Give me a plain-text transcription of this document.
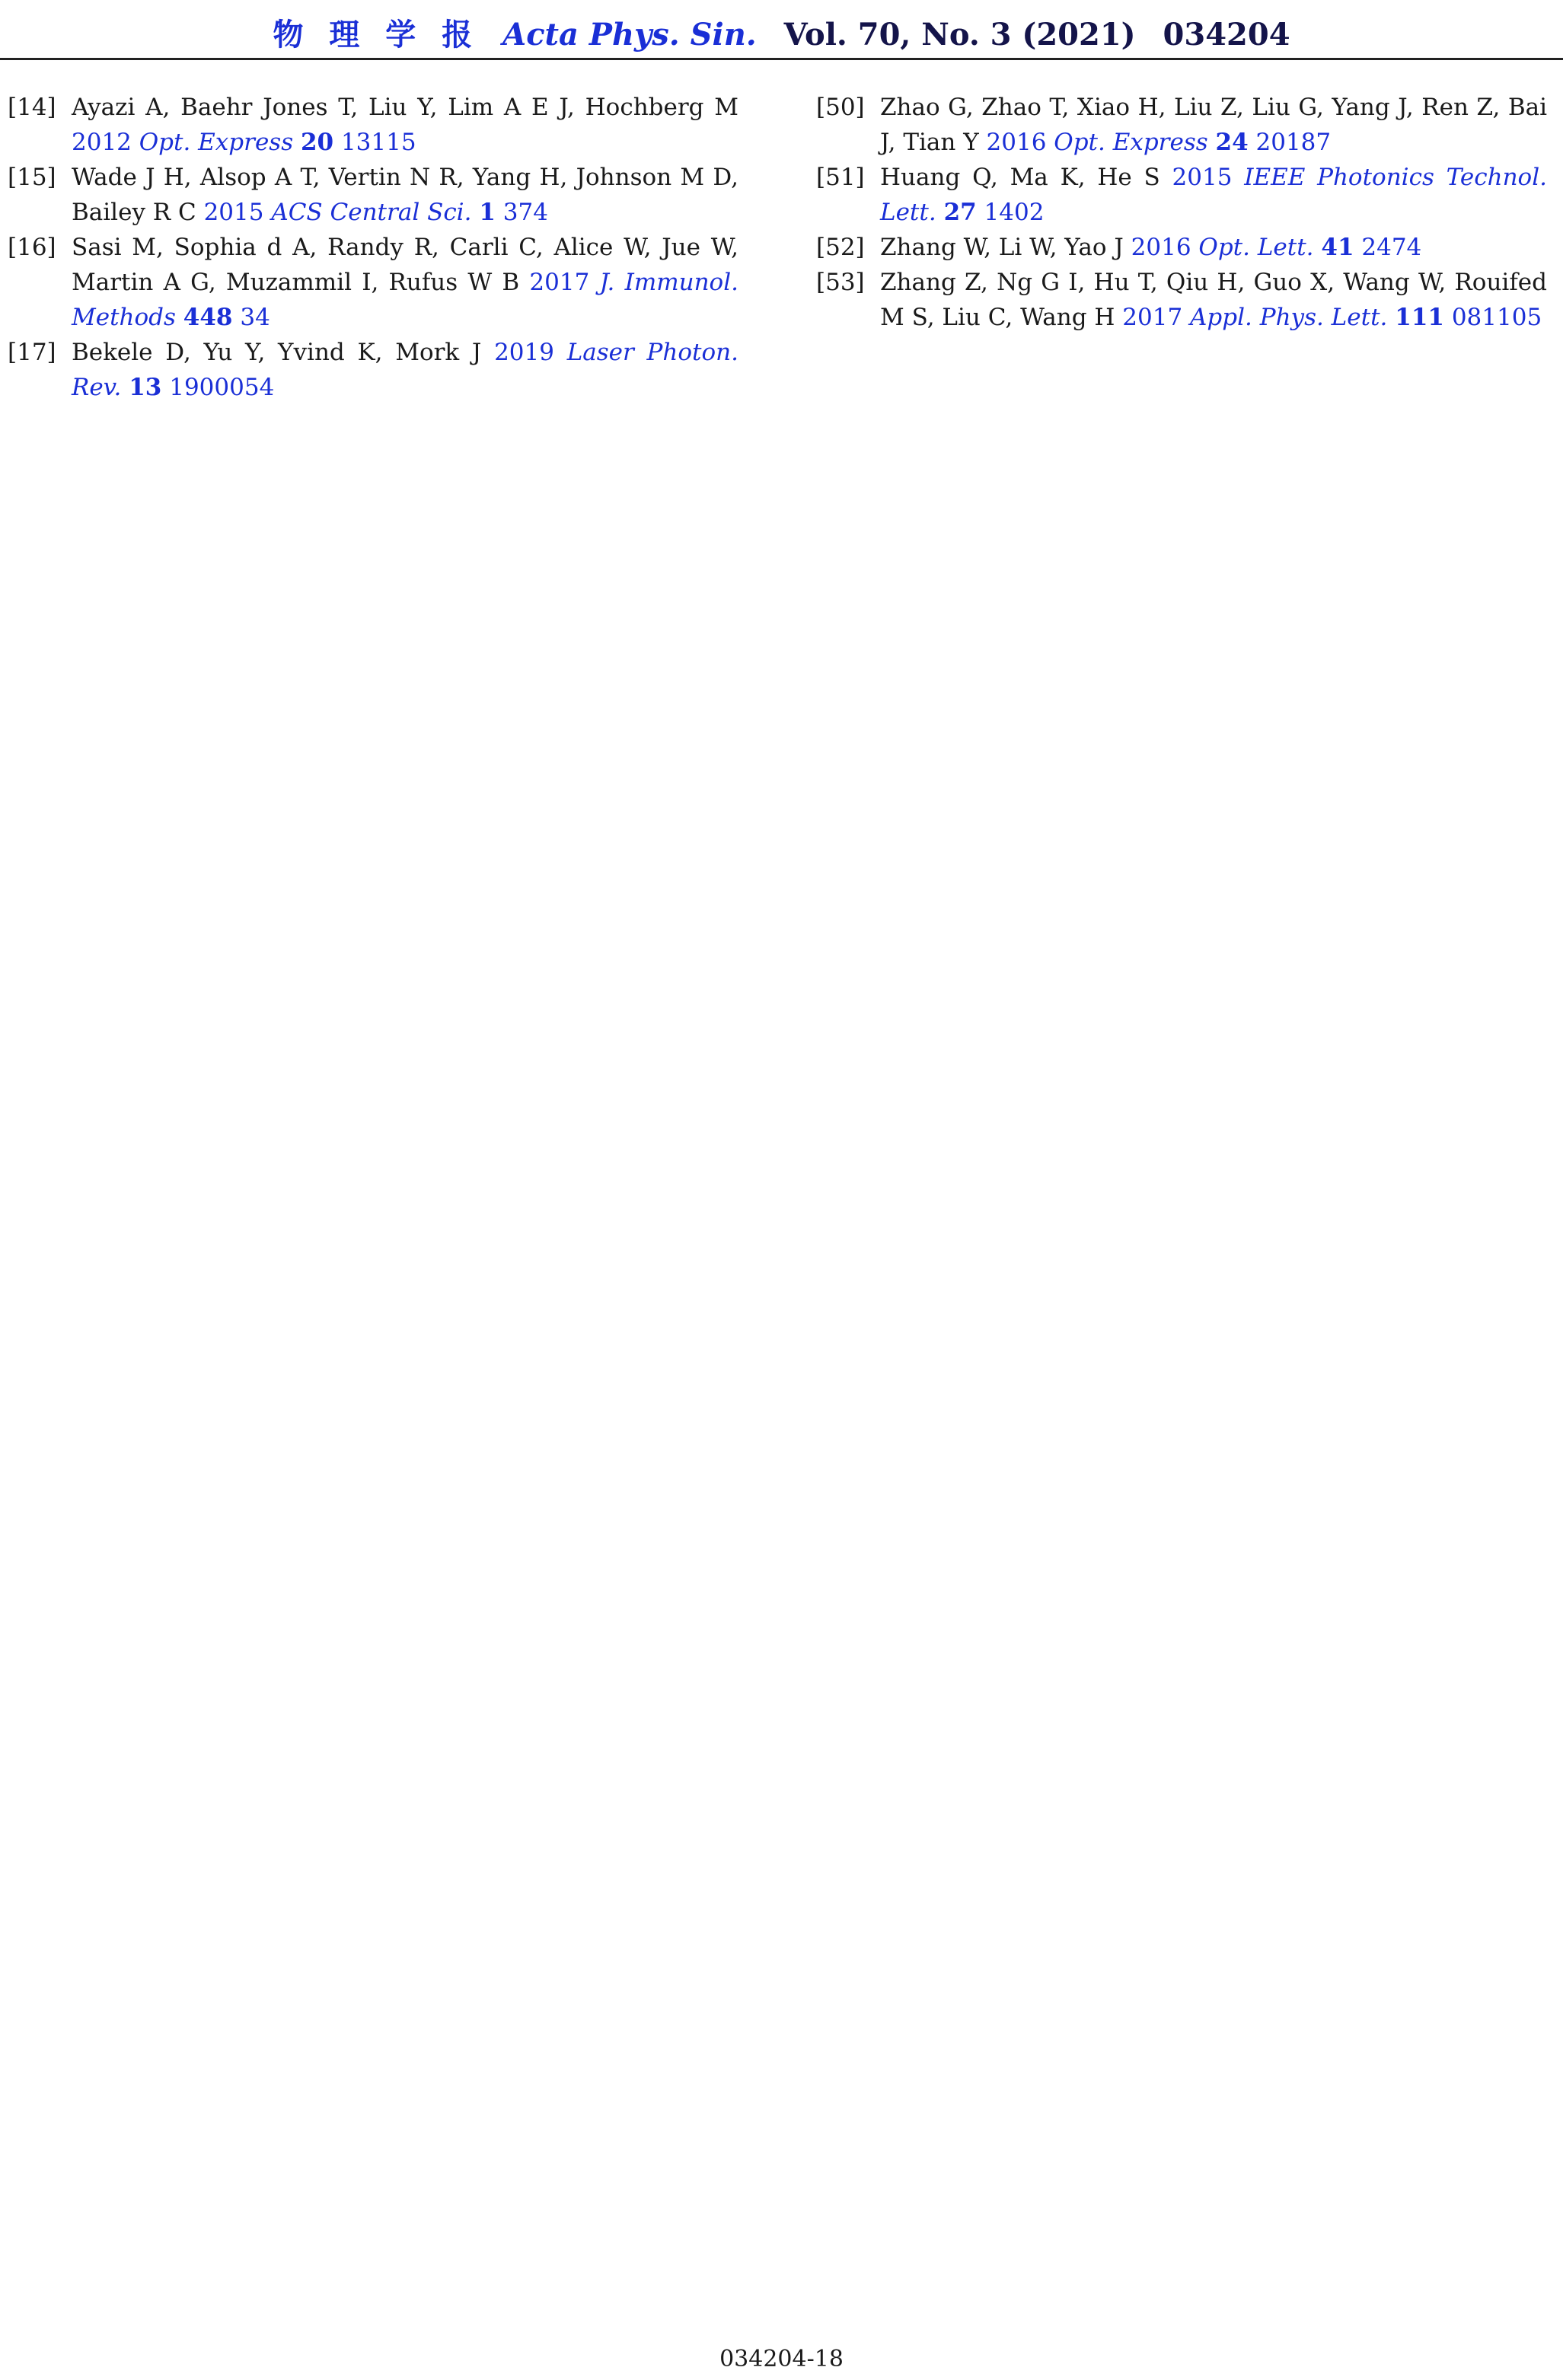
物 理 学 报 Acta Phys. Sin. Vol. 70, No. 3 (2021) 034204
[14] Ayazi A, Baehr Jones T, Liu Y, Lim A E J, Hochberg M 2012 Opt. Express 20 13115
[15] Wade J H, Alsop A T, Vertin N R, Yang H, Johnson M D, Bailey R C 2015 ACS Central Sci. 1 374
[16] Sasi M, Sophia d A, Randy R, Carli C, Alice W, Jue W, Martin A G, Muzammil I, Rufus W B 2017 J. Immunol. Methods 448 34
[17] Bekele D, Yu Y, Yvind K, Mork J 2019 Laser Photon. Rev. 13 1900054
[50] Zhao G, Zhao T, Xiao H, Liu Z, Liu G, Yang J, Ren Z, Bai J, Tian Y 2016 Opt. Express 24 20187
[51] Huang Q, Ma K, He S 2015 IEEE Photonics Technol. Lett. 27 1402
[52] Zhang W, Li W, Yao J 2016 Opt. Lett. 41 2474
[53] Zhang Z, Ng G I, Hu T, Qiu H, Guo X, Wang W, Rouifed M S, Liu C, Wang H 2017 Appl. Phys. Lett. 111 081105
034204-18
